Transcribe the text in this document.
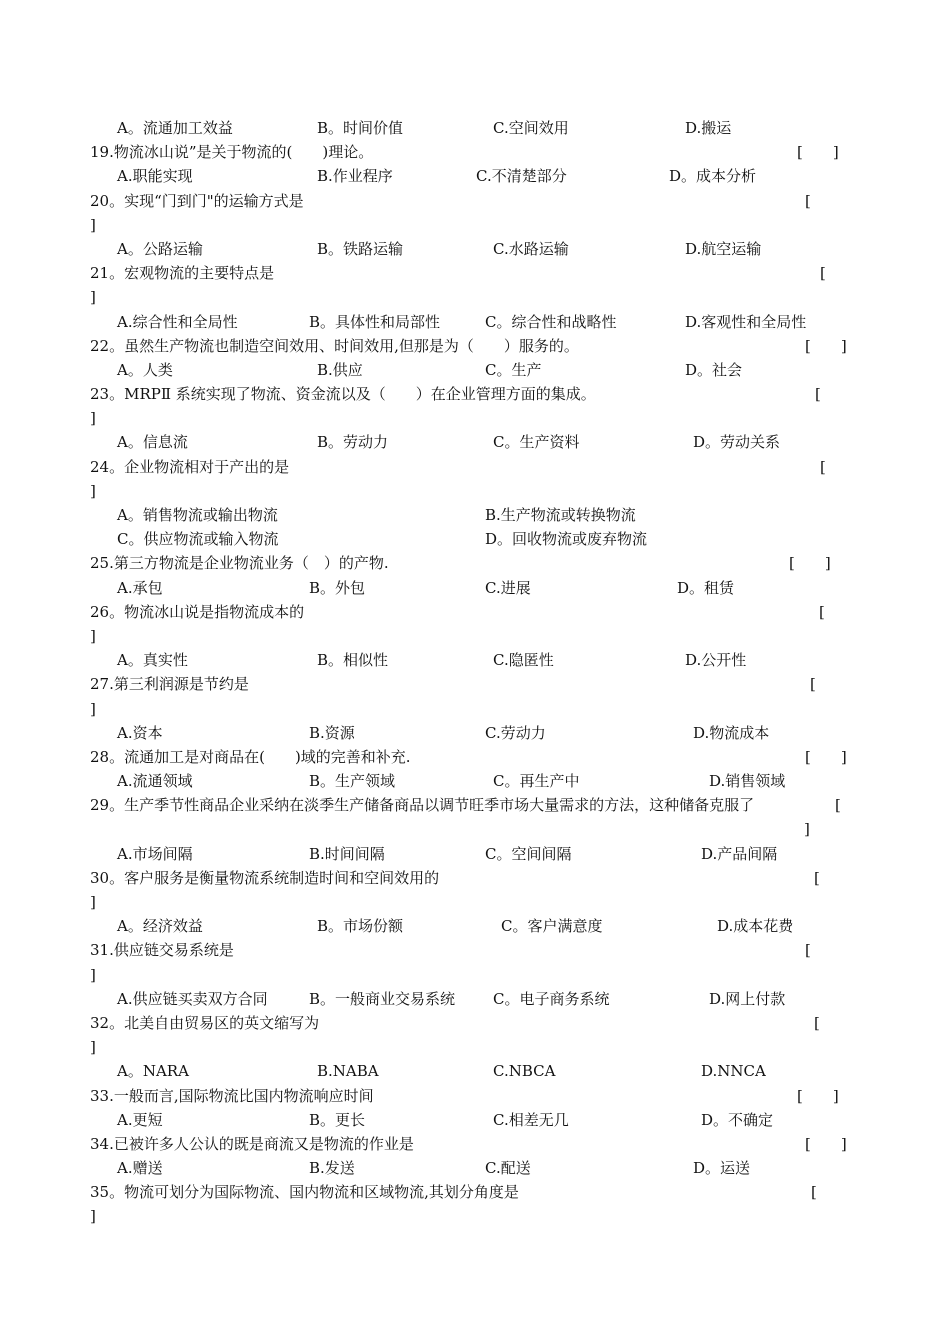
A。流通加工效益	B。时间价值	C.空间效用	D.搬运
19.物流冰山说”是关于物流的(　　)理论。	[　　]
A.职能实现	B.作业程序	C.不清楚部分	D。成本分析
20。实现“门到门"的运输方式是	[
]
A。公路运输	B。铁路运输	C.水路运输	D.航空运输
21。宏观物流的主要特点是	[
]
A.综合性和全局性	B。具体性和局部性	C。综合性和战略性	D.客观性和全局性
22。虽然生产物流也制造空间效用、时间效用,但那是为（　　）服务的。	[　　]
A。人类	B.供应	C。生产	D。社会
23。MRPⅡ 系统实现了物流、资金流以及（　　）在企业管理方面的集成。	[
]
A。信息流	B。劳动力	C。生产资料	D。劳动关系
24。企业物流相对于产出的是	[
]
A。销售物流或输出物流	B.生产物流或转换物流
C。供应物流或输入物流	D。回收物流或废弃物流
25.第三方物流是企业物流业务（　）的产物.	[　　]
A.承包	B。外包	C.进展	D。租赁
26。物流冰山说是指物流成本的	[
]
A。真实性	B。相似性	C.隐匿性	D.公开性
27.第三利润源是节约是	[
]
A.资本	B.资源	C.劳动力	D.物流成本
28。流通加工是对商品在(　　)域的完善和补充.	[　　]
A.流通领域	B。生产领域	C。再生产中	D.销售领域
29。生产季节性商品企业采纳在淡季生产储备商品以调节旺季市场大量需求的方法，这种储备克服了	[
]
A.市场间隔	B.时间间隔	C。空间间隔	D.产品间隔
30。客户服务是衡量物流系统制造时间和空间效用的	[
]
A。经济效益	B。市场份额	C。客户满意度	D.成本花费
31.供应链交易系统是	[
]
A.供应链买卖双方合同	B。一般商业交易系统	C。电子商务系统	D.网上付款
32。北美自由贸易区的英文缩写为	[
]
A。NARA	B.NABA	C.NBCA	D.NNCA
33.一般而言,国际物流比国内物流响应时间	[　　]
A.更短	B。更长	C.相差无几	D。不确定
34.已被许多人公认的既是商流又是物流的作业是	[　　]
A.赠送	B.发送	C.配送	D。运送
35。物流可划分为国际物流、国内物流和区域物流,其划分角度是	[
]
